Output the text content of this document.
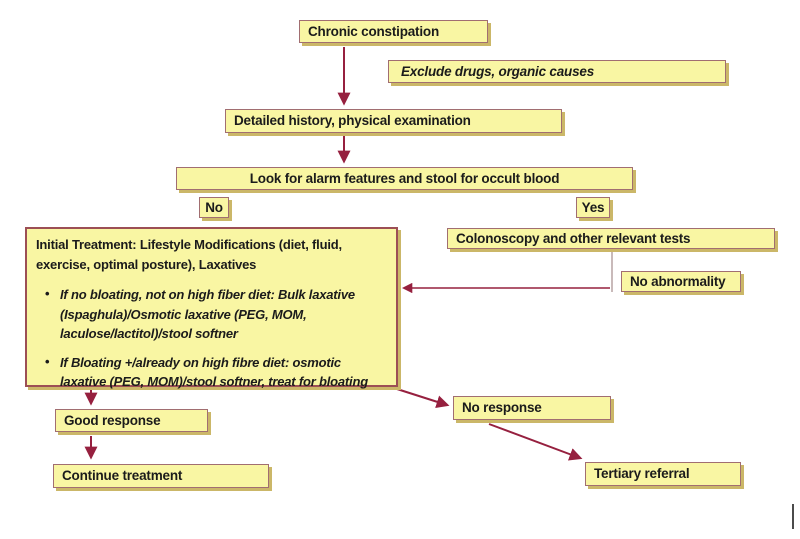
Chronic constipation
Exclude drugs, organic causes
Detailed history, physical examination
Look for alarm features and stool for occult blood
No	Yes
Initial Treatment: Lifestyle Modifications (diet, fluid, exercise, optimal posture), Laxatives
• If no bloating, not on high fiber diet: Bulk laxative (Ispaghula)/Osmotic laxative (PEG, MOM, laculose/lactitol)/stool softner
• If Bloating +/already on high fibre diet: osmotic laxative (PEG, MOM)/stool softner, treat for bloating
Colonoscopy and other relevant tests
No abnormality
Good response
Continue treatment
No response
Tertiary referral
